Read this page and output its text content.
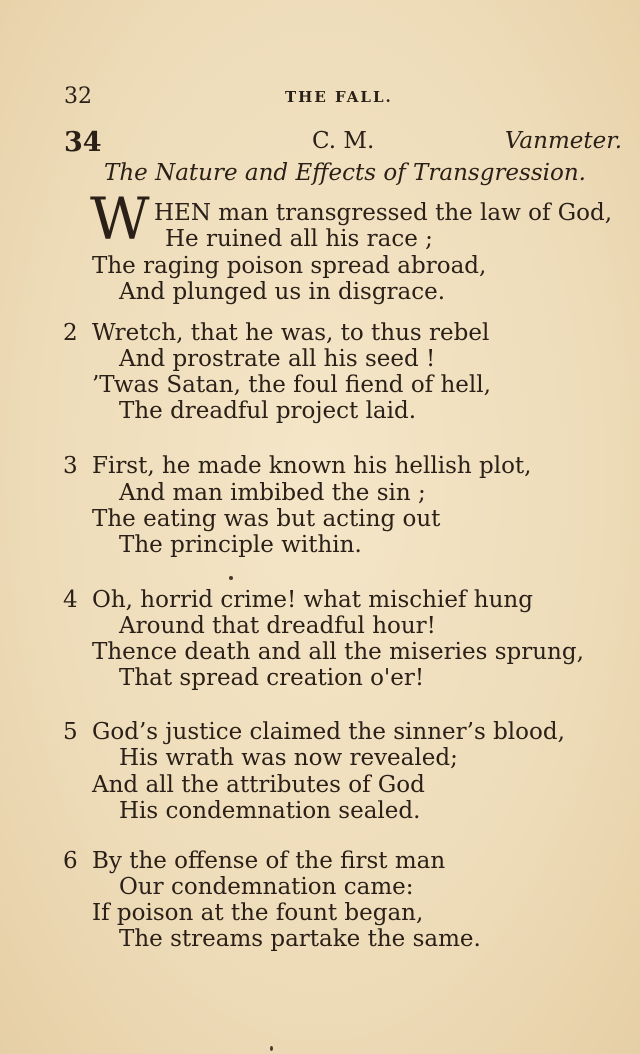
32	THE FALL.
34	C. M.	Vanmeter.
The Nature and Effects of Transgression.
W HEN man transgressed the law of God,
He ruined all his race ;
The raging poison spread abroad,
And plunged us in disgrace.
2 Wretch, that he was, to thus rebel
And prostrate all his seed !
’Twas Satan, the foul fiend of hell,
The dreadful project laid.
3 First, he made known his hellish plot,
And man imbibed the sin ;
The eating was but acting out
The principle within.
4 Oh, horrid crime! what mischief hung
Around that dreadful hour!
Thence death and all the miseries sprung,
That spread creation o'er!
5 God’s justice claimed the sinner’s blood,
His wrath was now revealed;
And all the attributes of God
His condemnation sealed.
6 By the offense of the first man
Our condemnation came:
If poison at the fount began,
The streams partake the same.
